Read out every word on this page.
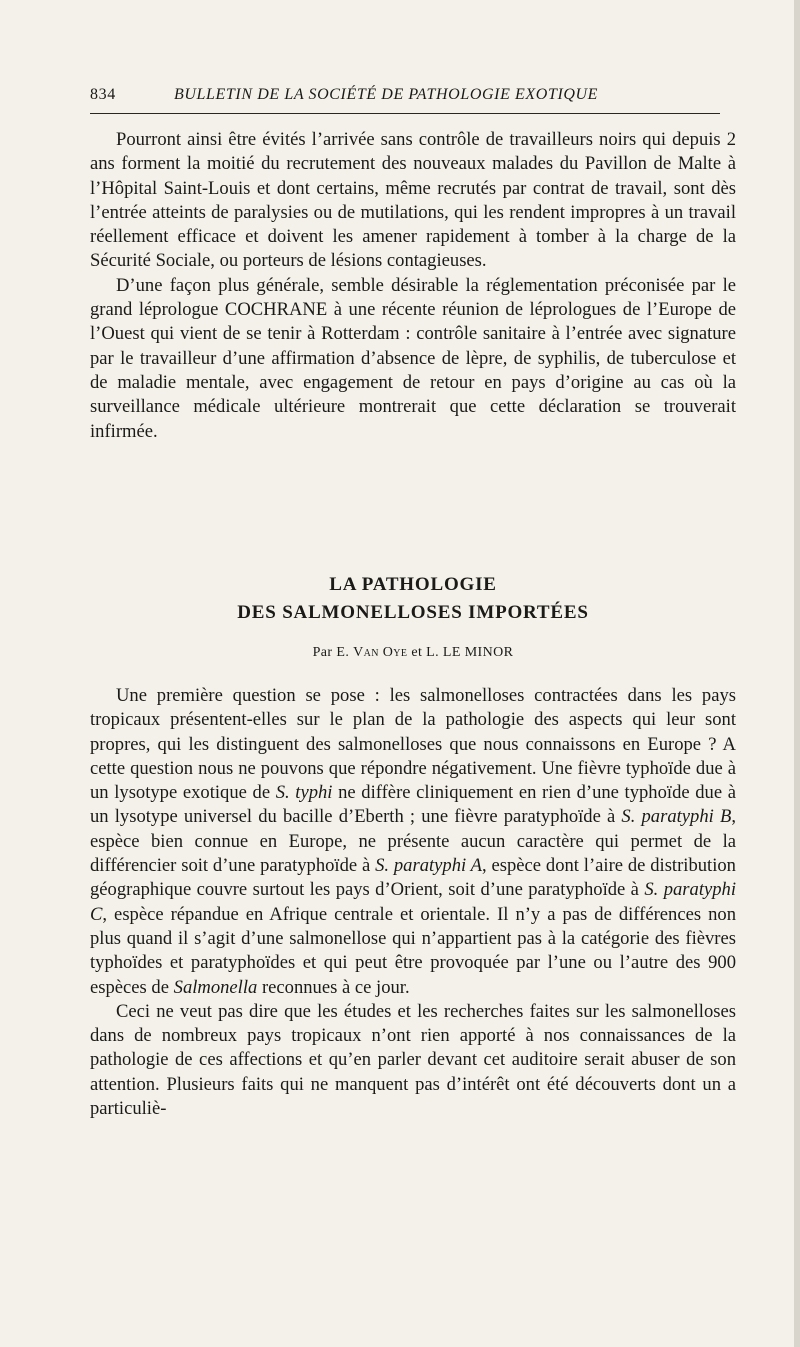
834	BULLETIN DE LA SOCIÉTÉ DE PATHOLOGIE EXOTIQUE

Pourront ainsi être évités l’arrivée sans contrôle de travailleurs noirs qui depuis 2 ans forment la moitié du recrutement des nouveaux malades du Pavillon de Malte à l’Hôpital Saint-Louis et dont certains, même recrutés par contrat de travail, sont dès l’entrée atteints de paralysies ou de mutilations, qui les rendent impropres à un travail réellement efficace et doivent les amener rapidement à tomber à la charge de la Sécurité Sociale, ou porteurs de lésions contagieuses.

D’une façon plus générale, semble désirable la réglementation préconisée par le grand léprologue COCHRANE à une récente réunion de léprologues de l’Europe de l’Ouest qui vient de se tenir à Rotterdam : contrôle sanitaire à l’entrée avec signature par le travailleur d’une affirmation d’absence de lèpre, de syphilis, de tuberculose et de maladie mentale, avec engagement de retour en pays d’origine au cas où la surveillance médicale ultérieure montrerait que cette déclaration se trouverait infirmée.

LA PATHOLOGIE
DES SALMONELLOSES IMPORTÉES
Par E. Van Oye et L. LE MINOR

Une première question se pose : les salmonelloses contractées dans les pays tropicaux présentent-elles sur le plan de la pathologie des aspects qui leur sont propres, qui les distinguent des salmonelloses que nous connaissons en Europe ? A cette question nous ne pouvons que répondre négativement. Une fièvre typhoïde due à un lysotype exotique de S. typhi ne diffère cliniquement en rien d’une typhoïde due à un lysotype universel du bacille d’Eberth ; une fièvre paratyphoïde à S. paratyphi B, espèce bien connue en Europe, ne présente aucun caractère qui permet de la différencier soit d’une paratyphoïde à S. paratyphi A, espèce dont l’aire de distribution géographique couvre surtout les pays d’Orient, soit d’une paratyphoïde à S. paratyphi C, espèce répandue en Afrique centrale et orientale. Il n’y a pas de différences non plus quand il s’agit d’une salmonellose qui n’appartient pas à la catégorie des fièvres typhoïdes et paratyphoïdes et qui peut être provoquée par l’une ou l’autre des 900 espèces de Salmonella reconnues à ce jour.

Ceci ne veut pas dire que les études et les recherches faites sur les salmonelloses dans de nombreux pays tropicaux n’ont rien apporté à nos connaissances de la pathologie de ces affections et qu’en parler devant cet auditoire serait abuser de son attention. Plusieurs faits qui ne manquent pas d’intérêt ont été découverts dont un a particuliè-
